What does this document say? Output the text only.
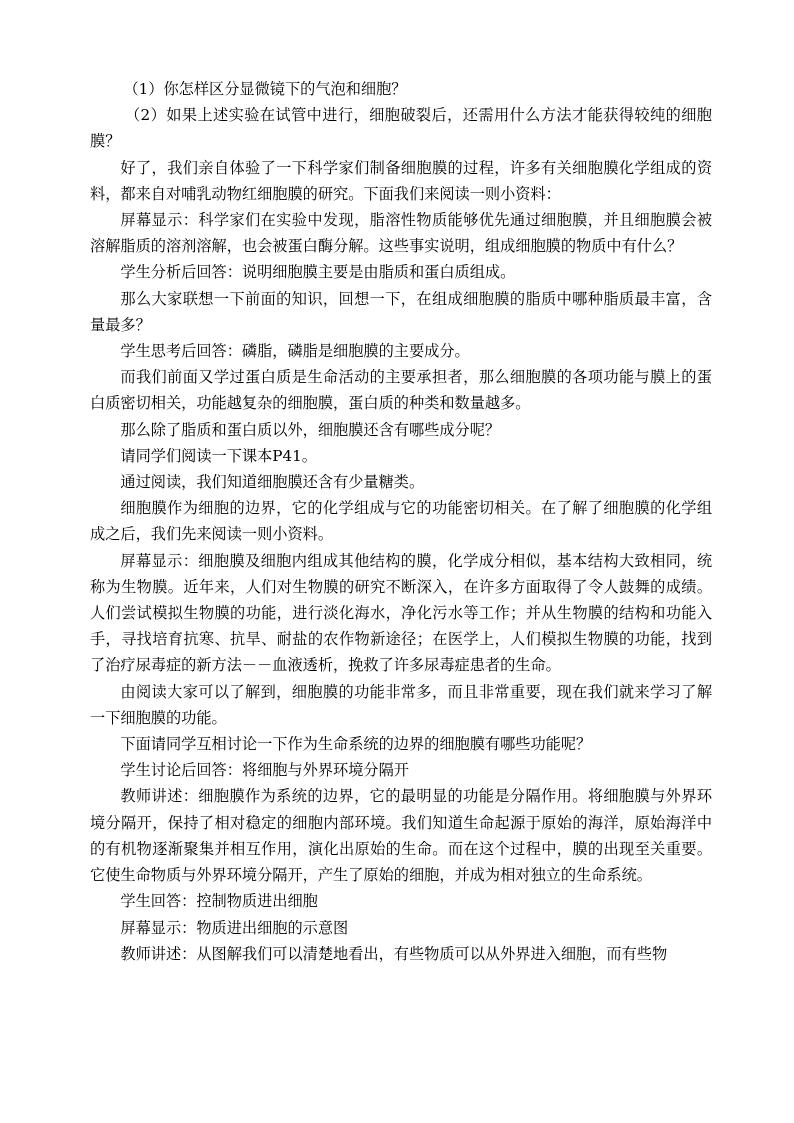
（1）你怎样区分显微镜下的气泡和细胞？

（2）如果上述实验在试管中进行，细胞破裂后，还需用什么方法才能获得较纯的细胞膜？

好了，我们亲自体验了一下科学家们制备细胞膜的过程，许多有关细胞膜化学组成的资料，都来自对哺乳动物红细胞膜的研究。下面我们来阅读一则小资料：

屏幕显示：科学家们在实验中发现，脂溶性物质能够优先通过细胞膜，并且细胞膜会被溶解脂质的溶剂溶解，也会被蛋白酶分解。这些事实说明，组成细胞膜的物质中有什么？

学生分析后回答：说明细胞膜主要是由脂质和蛋白质组成。

那么大家联想一下前面的知识，回想一下，在组成细胞膜的脂质中哪种脂质最丰富，含量最多？

学生思考后回答：磷脂，磷脂是细胞膜的主要成分。

而我们前面又学过蛋白质是生命活动的主要承担者，那么细胞膜的各项功能与膜上的蛋白质密切相关，功能越复杂的细胞膜，蛋白质的种类和数量越多。

那么除了脂质和蛋白质以外，细胞膜还含有哪些成分呢？

请同学们阅读一下课本P41。

通过阅读，我们知道细胞膜还含有少量糖类。

细胞膜作为细胞的边界，它的化学组成与它的功能密切相关。在了解了细胞膜的化学组成之后，我们先来阅读一则小资料。

屏幕显示：细胞膜及细胞内组成其他结构的膜，化学成分相似，基本结构大致相同，统称为生物膜。近年来，人们对生物膜的研究不断深入，在许多方面取得了令人鼓舞的成绩。人们尝试模拟生物膜的功能，进行淡化海水，净化污水等工作；并从生物膜的结构和功能入手，寻找培育抗寒、抗旱、耐盐的农作物新途径；在医学上，人们模拟生物膜的功能，找到了治疗尿毒症的新方法－－血液透析，挽救了许多尿毒症患者的生命。

由阅读大家可以了解到，细胞膜的功能非常多，而且非常重要，现在我们就来学习了解一下细胞膜的功能。

下面请同学互相讨论一下作为生命系统的边界的细胞膜有哪些功能呢？

学生讨论后回答：将细胞与外界环境分隔开

教师讲述：细胞膜作为系统的边界，它的最明显的功能是分隔作用。将细胞膜与外界环境分隔开，保持了相对稳定的细胞内部环境。我们知道生命起源于原始的海洋，原始海洋中的有机物逐渐聚集并相互作用，演化出原始的生命。而在这个过程中，膜的出现至关重要。它使生命物质与外界环境分隔开，产生了原始的细胞，并成为相对独立的生命系统。

学生回答：控制物质进出细胞

屏幕显示：物质进出细胞的示意图

教师讲述：从图解我们可以清楚地看出，有些物质可以从外界进入细胞，而有些物
